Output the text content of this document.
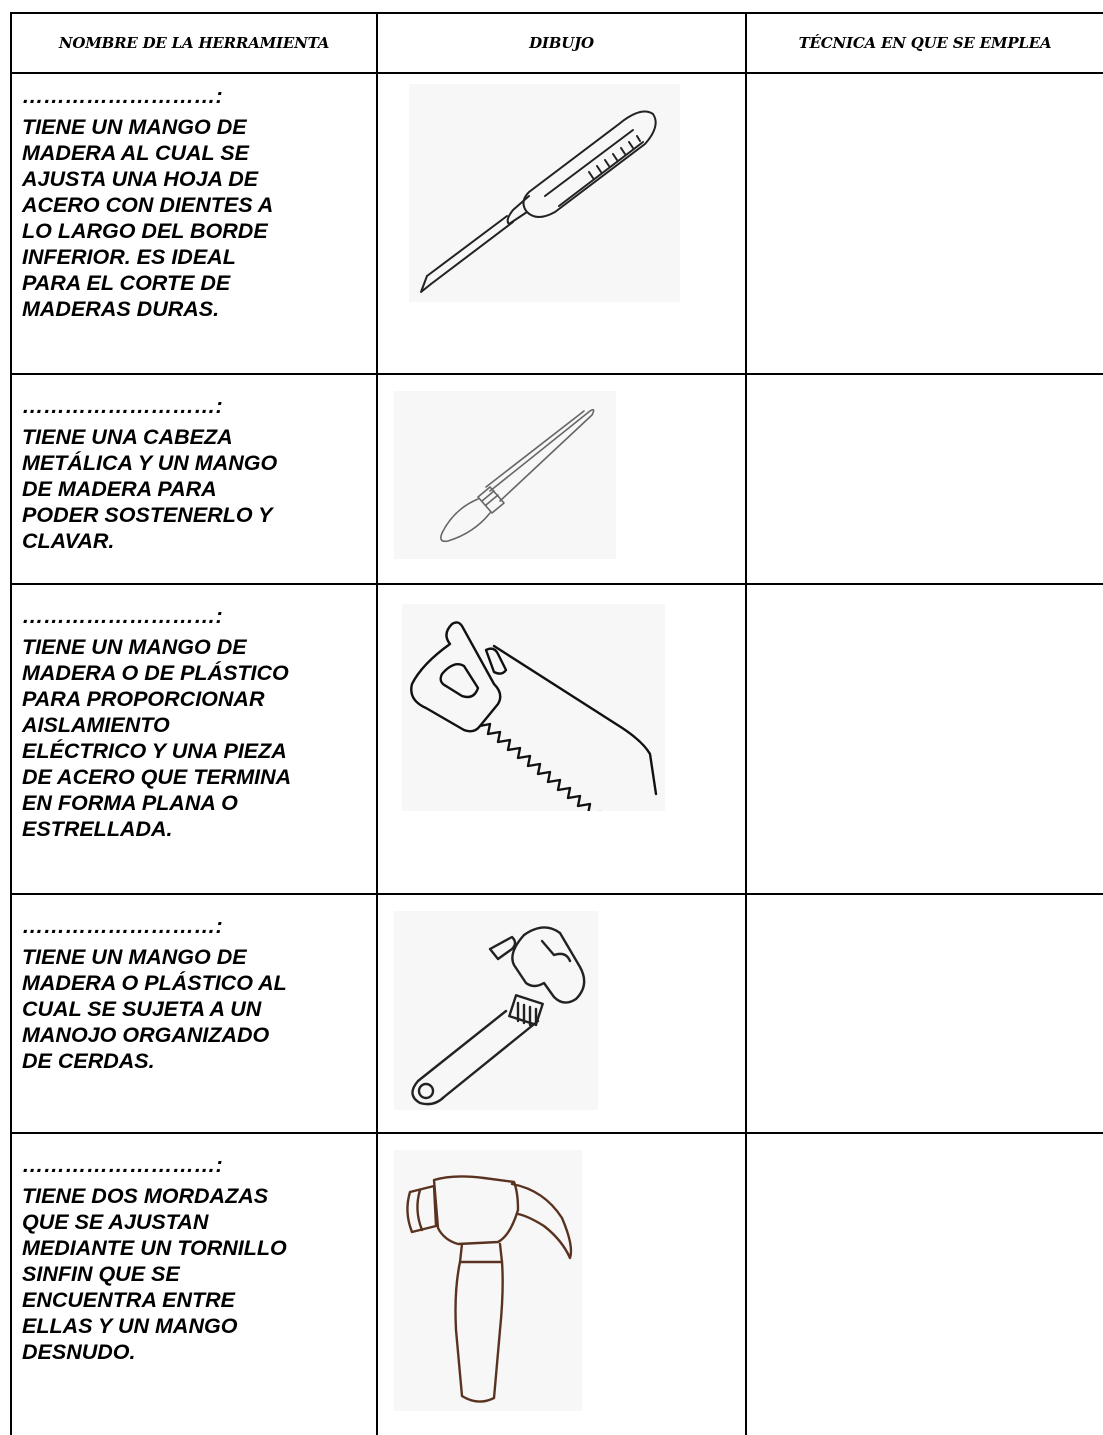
NOMBRE DE LA HERRAMIENTA	DIBUJO	TÉCNICA EN QUE SE EMPLEA
………………………:

TIENE UN MANGO DE
MADERA AL CUAL SE
AJUSTA UNA HOJA DE
ACERO CON DIENTES A
LO LARGO DEL BORDE
INFERIOR. ES IDEAL
PARA EL CORTE DE
MADERAS DURAS.

………………………:

TIENE UNA CABEZA
METÁLICA Y UN MANGO
DE MADERA PARA
PODER SOSTENERLO Y
CLAVAR.

………………………:

TIENE UN MANGO DE
MADERA O DE PLÁSTICO
PARA PROPORCIONAR
AISLAMIENTO
ELÉCTRICO Y UNA PIEZA
DE ACERO QUE TERMINA
EN FORMA PLANA O
ESTRELLADA.

………………………:

TIENE UN MANGO DE
MADERA O PLÁSTICO AL
CUAL SE SUJETA A UN
MANOJO ORGANIZADO
DE CERDAS.

………………………:

TIENE DOS MORDAZAS
QUE SE AJUSTAN
MEDIANTE UN TORNILLO
SINFIN QUE SE
ENCUENTRA ENTRE
ELLAS Y UN MANGO
DESNUDO.
